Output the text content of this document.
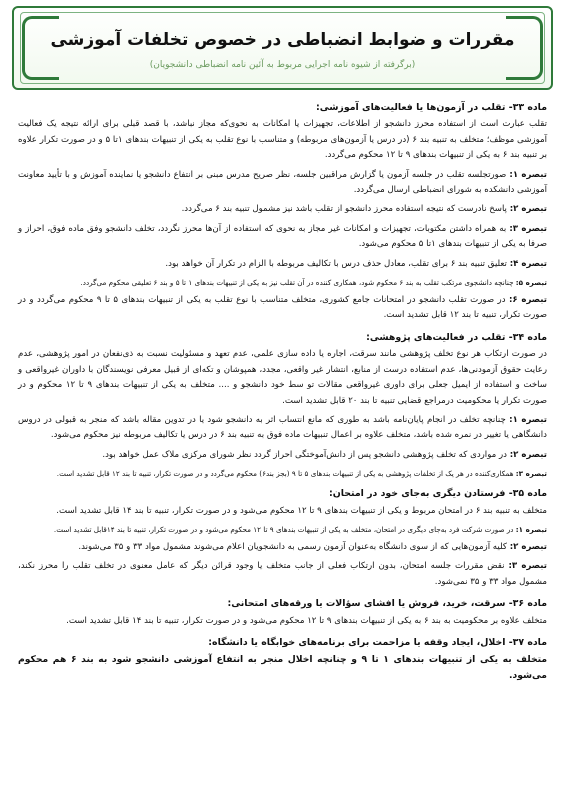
مقررات و ضوابط انضباطی در خصوص تخلفات آموزشی
(برگرفته از شیوه نامه اجرایی مربوط به آئین نامه انضباطی دانشجویان)
ماده ۳۳- تقلب در آزمون‌ها یا فعالیت‌های آموزشی:

تقلب عبارت است از استفاده محرز دانشجو از اطلاعات، تجهیزات یا امکانات به نحوی‌که مجاز نباشد، با قصد قبلی برای ارائه نتیجه یک فعالیت آموزشی موظف؛ متخلف به تنبیه بند ۶ (در درس یا آزمون‌های مربوطه) و متناسب با نوع تقلب به یکی از تنبیهات بندهای ۱تا ۵ و در صورت تکرار علاوه بر تنبیه بند ۶ به یکی از تنبیهات بندهای ۹ تا ۱۲ محکوم می‌گردد.

تبصره ۱: صورتجلسه تقلب در جلسه آزمون یا گزارش مراقبین جلسه، نظر صریح مدرس مبنی بر انتفاع دانشجو یا نماینده آموزش و با تأیید معاونت آموزشی دانشکده به شورای انضباطی ارسال می‌گردد.

تبصره ۲: پاسخ نادرست که نتیجه استفاده محرز دانشجو از تقلب باشد نیز مشمول تنبیه بند ۶ می‌گردد.

تبصره ۳: به همراه داشتن مکتوبات، تجهیزات و امکانات غیر مجاز به نحوی که استفاده از آن‌ها محرز نگردد، تخلف دانشجو وفق ماده فوق، احراز و صرفا به یکی از تنبیهات بندهای ۱تا ۵ محکوم می‌شود.

تبصره ۴: تعلیق تنبیه بند ۶ برای تقلب، معادل حذف درس با تکالیف مربوطه با الزام در تکرار آن خواهد بود.

تبصره ۵: چنانچه دانشجوی مرتکب تقلب به بند ۶ محکوم شود، همکاری کننده در آن تقلب نیز به یکی از تنبیهات بندهای ۱ تا ۵ و بند ۶ تعلیقی محکوم می‌گردد.

تبصره ۶: در صورت تقلب دانشجو در امتحانات جامع کشوری، متخلف متناسب با نوع تقلب به یکی از تنبیهات بندهای ۵ تا ۹ محکوم می‌گردد و در صورت تکرار، تنبیه تا بند ۱۲ قابل تشدید است.

ماده ۳۴- تقلب در فعالیت‌های پژوهشی:

در صورت ارتکاب هر نوع تخلف پژوهشی مانند سرقت، اجاره یا داده سازی علمی، عدم تعهد و مسئولیت نسبت به ذی‌نفعان در امور پژوهشی، عدم رعایت حقوق آزمودنی‌ها، عدم استفاده درست از منابع، انتشار غیر واقعی، مجدد، همپوشان و تکه‌ای از قبیل معرفی نویسندگان با داوران غیرواقعی و ساخت و استفاده از ایمیل جعلی برای داوری غیرواقعی مقالات تو سط خود دانشجو و .... متخلف به یکی از تنبیهات بندهای ۹ تا ۱۲ محکوم و در صورت تکرار یا محکومیت درمراجع قضایی تنبیه تا بند ۲۰ قابل تشدید است.

تبصره ۱: چنانچه تخلف در انجام پایان‌نامه باشد به طوری که مانع انتساب اثر به دانشجو شود یا در تدوین مقاله باشد که منجر به قبولی در دروس دانشگاهی یا تغییر در نمره شده باشد، متخلف علاوه بر اعمال تنبیهات ماده فوق به تنبیه بند ۶ در درس یا تکالیف مربوطه نیز محکوم می‌شود.

تبصره ۲: در مواردی که تخلف پژوهشی دانشجو پس از دانش‌آموختگی احراز گردد نظر شورای مرکزی ملاک عمل خواهد بود.

تبصره ۳: همکاری‌کننده در هر یک از تخلفات پژوهشی به یکی از تنبیهات بندهای ۵ تا ۹ (بجز بند۶) محکوم می‌گردد و در صورت تکرار، تنبیه تا بند ۱۲ قابل تشدید است.

ماده ۳۵- فرستادن دیگری به‌جای خود در امتحان:

متخلف به تنبیه بند ۶ در امتحان مربوط و یکی از تنبیهات بندهای ۹ تا ۱۲ محکوم می‌شود و در صورت تکرار، تنبیه تا بند ۱۴ قابل تشدید است.

تبصره ۱: در صورت شرکت فرد به‌جای دیگری در امتحان، متخلف به یکی از تنبیهات بندهای ۹ تا ۱۲ محکوم می‌شود و در صورت تکرار، تنبیه تا بند ۱۴قابل تشدید است.

تبصره ۲: کلیه آزمون‌هایی که از سوی دانشگاه به‌عنوان آزمون رسمی به دانشجویان اعلام می‌شوند مشمول مواد ۳۳ و ۳۵ می‌شوند.

تبصره ۳: نقض مقررات جلسه امتحان، بدون ارتکاب فعلی از جانب متخلف یا وجود قرائن دیگر که عامل معنوی در تخلف تقلب را محرز نکند، مشمول مواد ۳۳ و ۳۵ نمی‌شود.

ماده ۳۶- سرقت، خرید، فروش یا افشای سؤالات یا ورقه‌های امتحانی:

متخلف علاوه بر محکومیت به بند ۶ به یکی از تنبیهات بندهای ۹ تا ۱۲ محکوم می‌شود و در صورت تکرار، تنبیه تا بند ۱۴ قابل تشدید است.

ماده ۳۷- اخلال، ایجاد وقفه یا مزاحمت برای برنامه‌های خوابگاه یا دانشگاه:

متخلف به یکی از تنبیهات بندهای ۱ تا ۹ و چنانچه اخلال منجر به انتفاع آموزشی دانشجو شود به بند ۶ هم محکوم می‌شود.
